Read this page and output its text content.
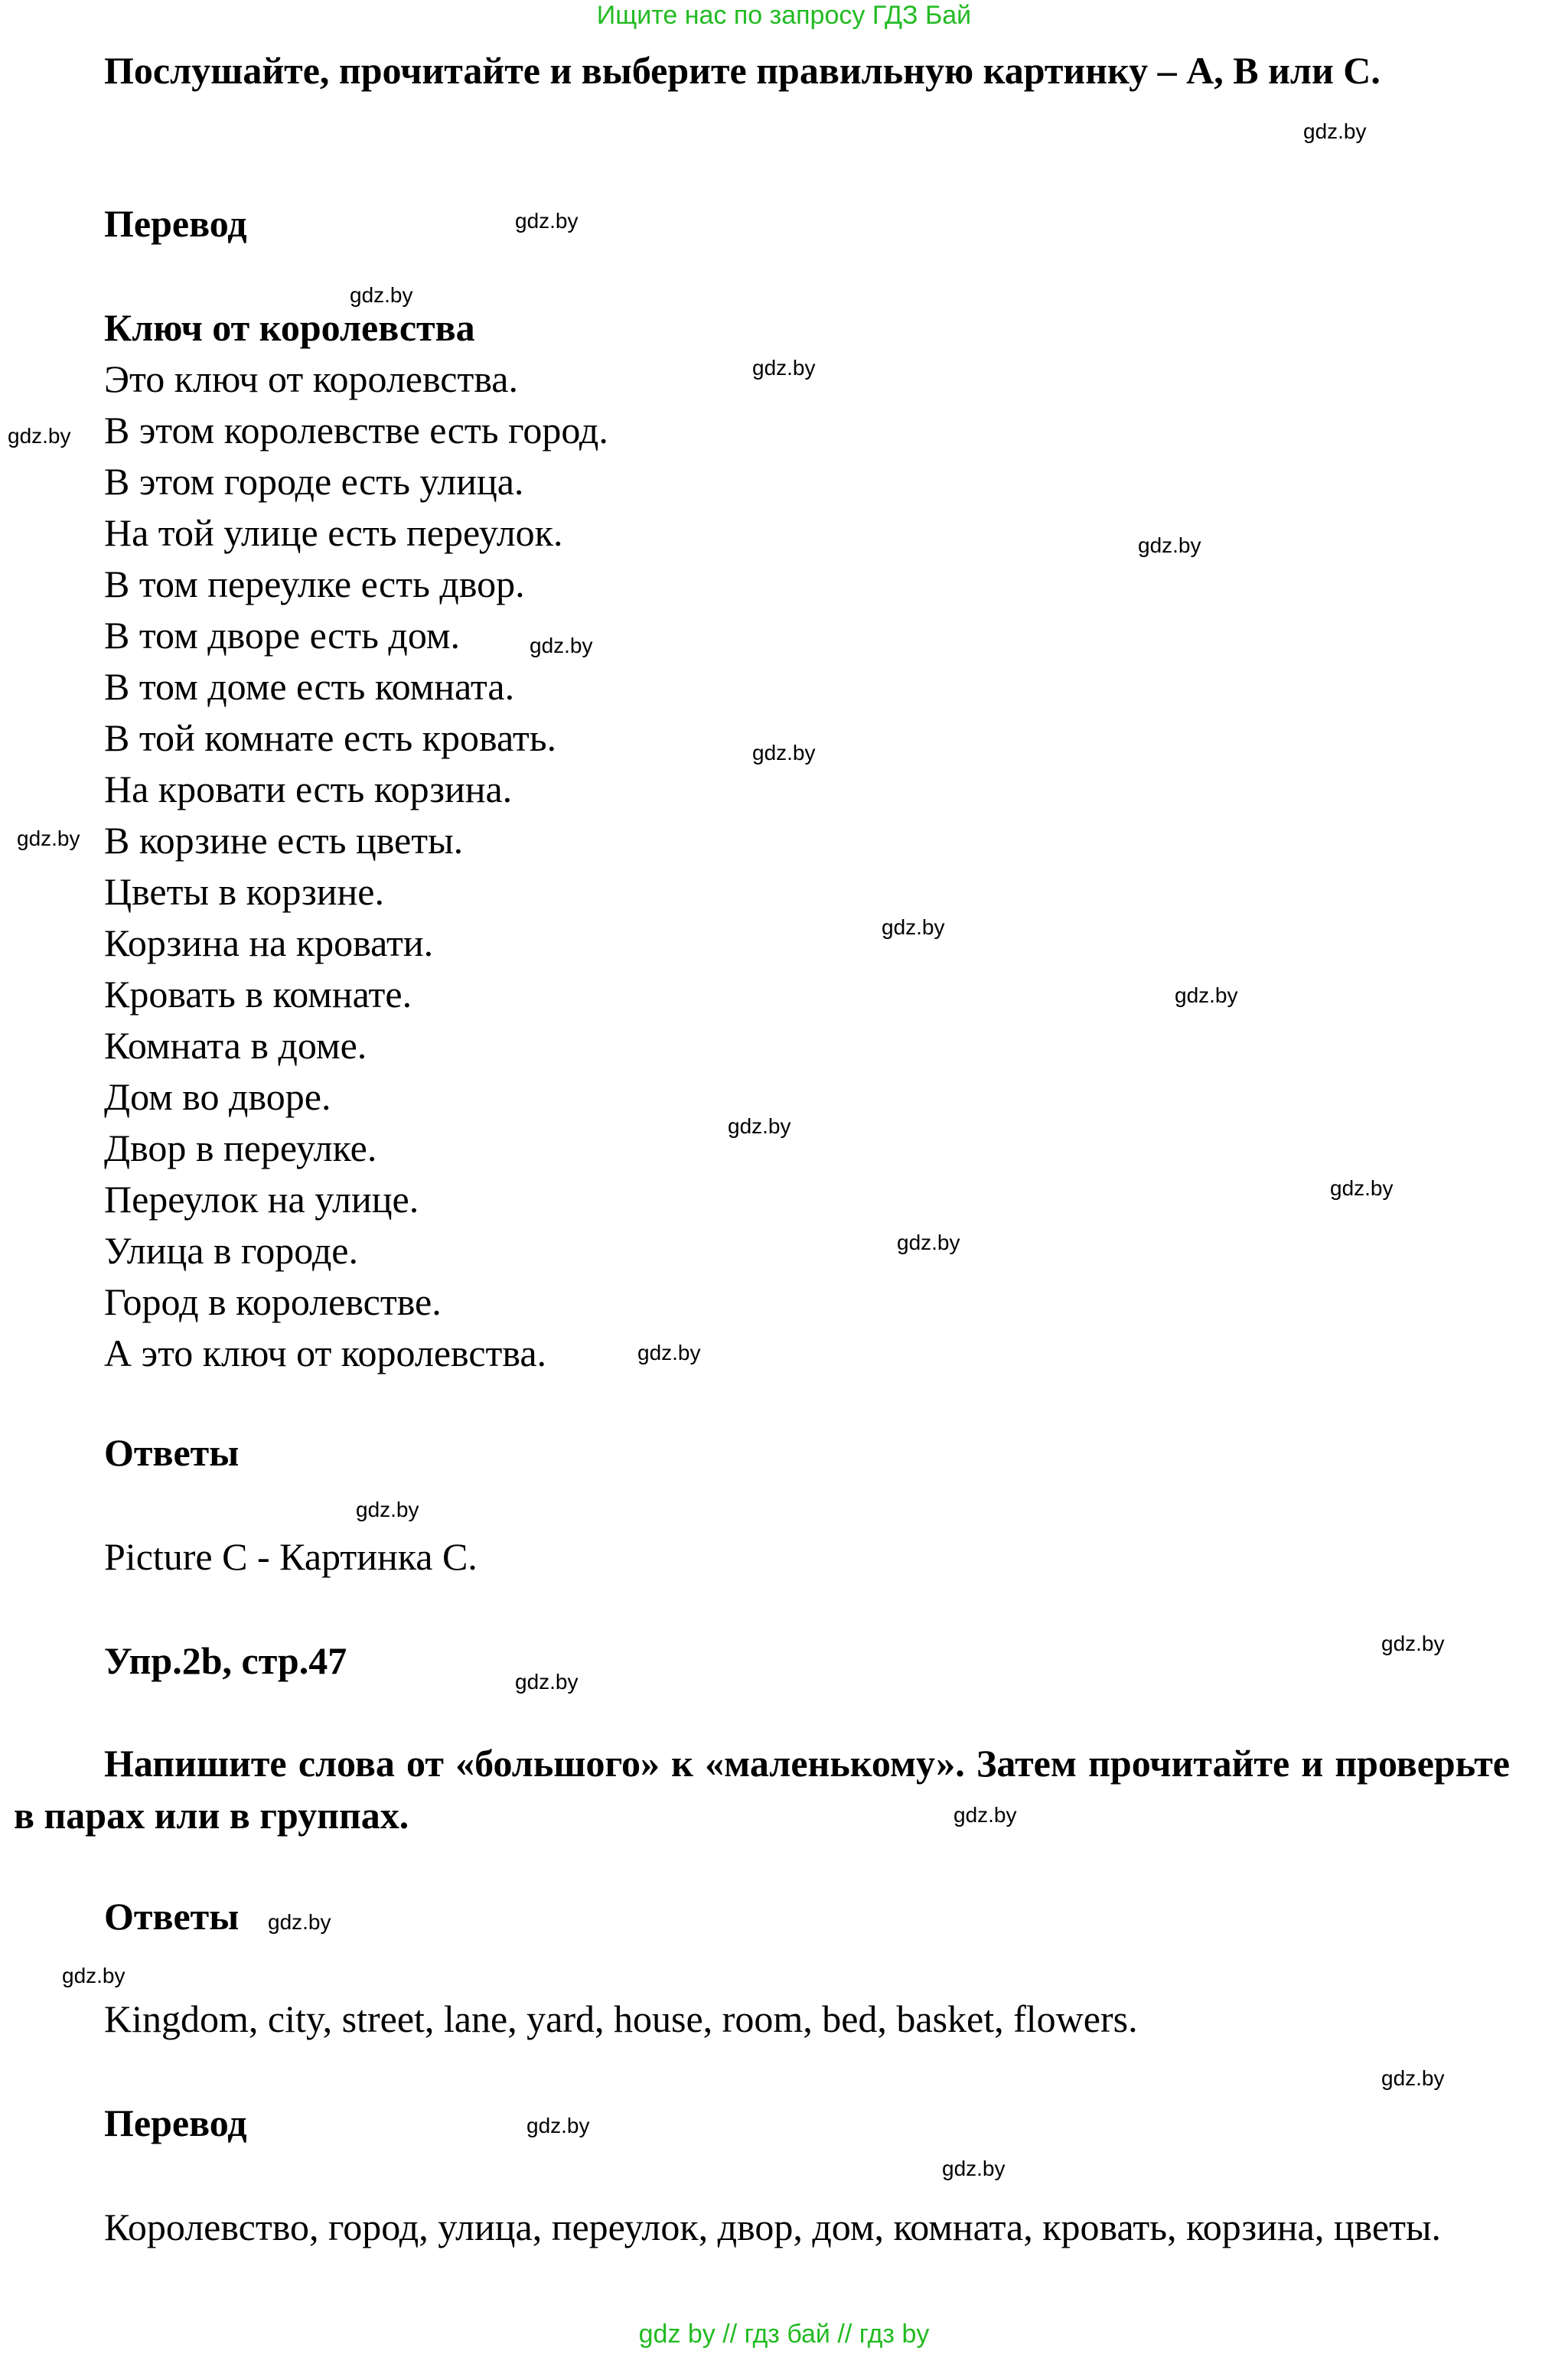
Ищите нас по запросу ГДЗ Бай
Послушайте, прочитайте и выберите правильную картинку – A, B или С.
Перевод
Ключ от королевства
Это ключ от королевства.
В этом королевстве есть город.
В этом городе есть улица.
На той улице есть переулок.
В том переулке есть двор.
В том дворе есть дом.
В том доме есть комната.
В той комнате есть кровать.
На кровати есть корзина.
В корзине есть цветы.
Цветы в корзине.
Корзина на кровати.
Кровать в комнате.
Комната в доме.
Дом во дворе.
Двор в переулке.
Переулок на улице.
Улица в городе.
Город в королевстве.
А это ключ от королевства.
Ответы
Picture C - Картинка С.
Упр.2b, стр.47
Напишите слова от «большого» к «маленькому». Затем прочитайте и проверьте в парах или в группах.
Ответы
Kingdom, city, street, lane, yard, house, room, bed, basket, flowers.
Перевод
Королевство, город, улица, переулок, двор, дом, комната, кровать, корзина, цветы.
gdz.by
gdz.by
gdz.by
gdz.by
gdz.by
gdz.by
gdz.by
gdz.by
gdz.by
gdz.by
gdz.by
gdz.by
gdz.by
gdz.by
gdz.by
gdz.by
gdz.by
gdz.by
gdz.by
gdz.by
gdz.by
gdz.by
gdz.by
gdz.by
gdz by // гдз бай // гдз by
